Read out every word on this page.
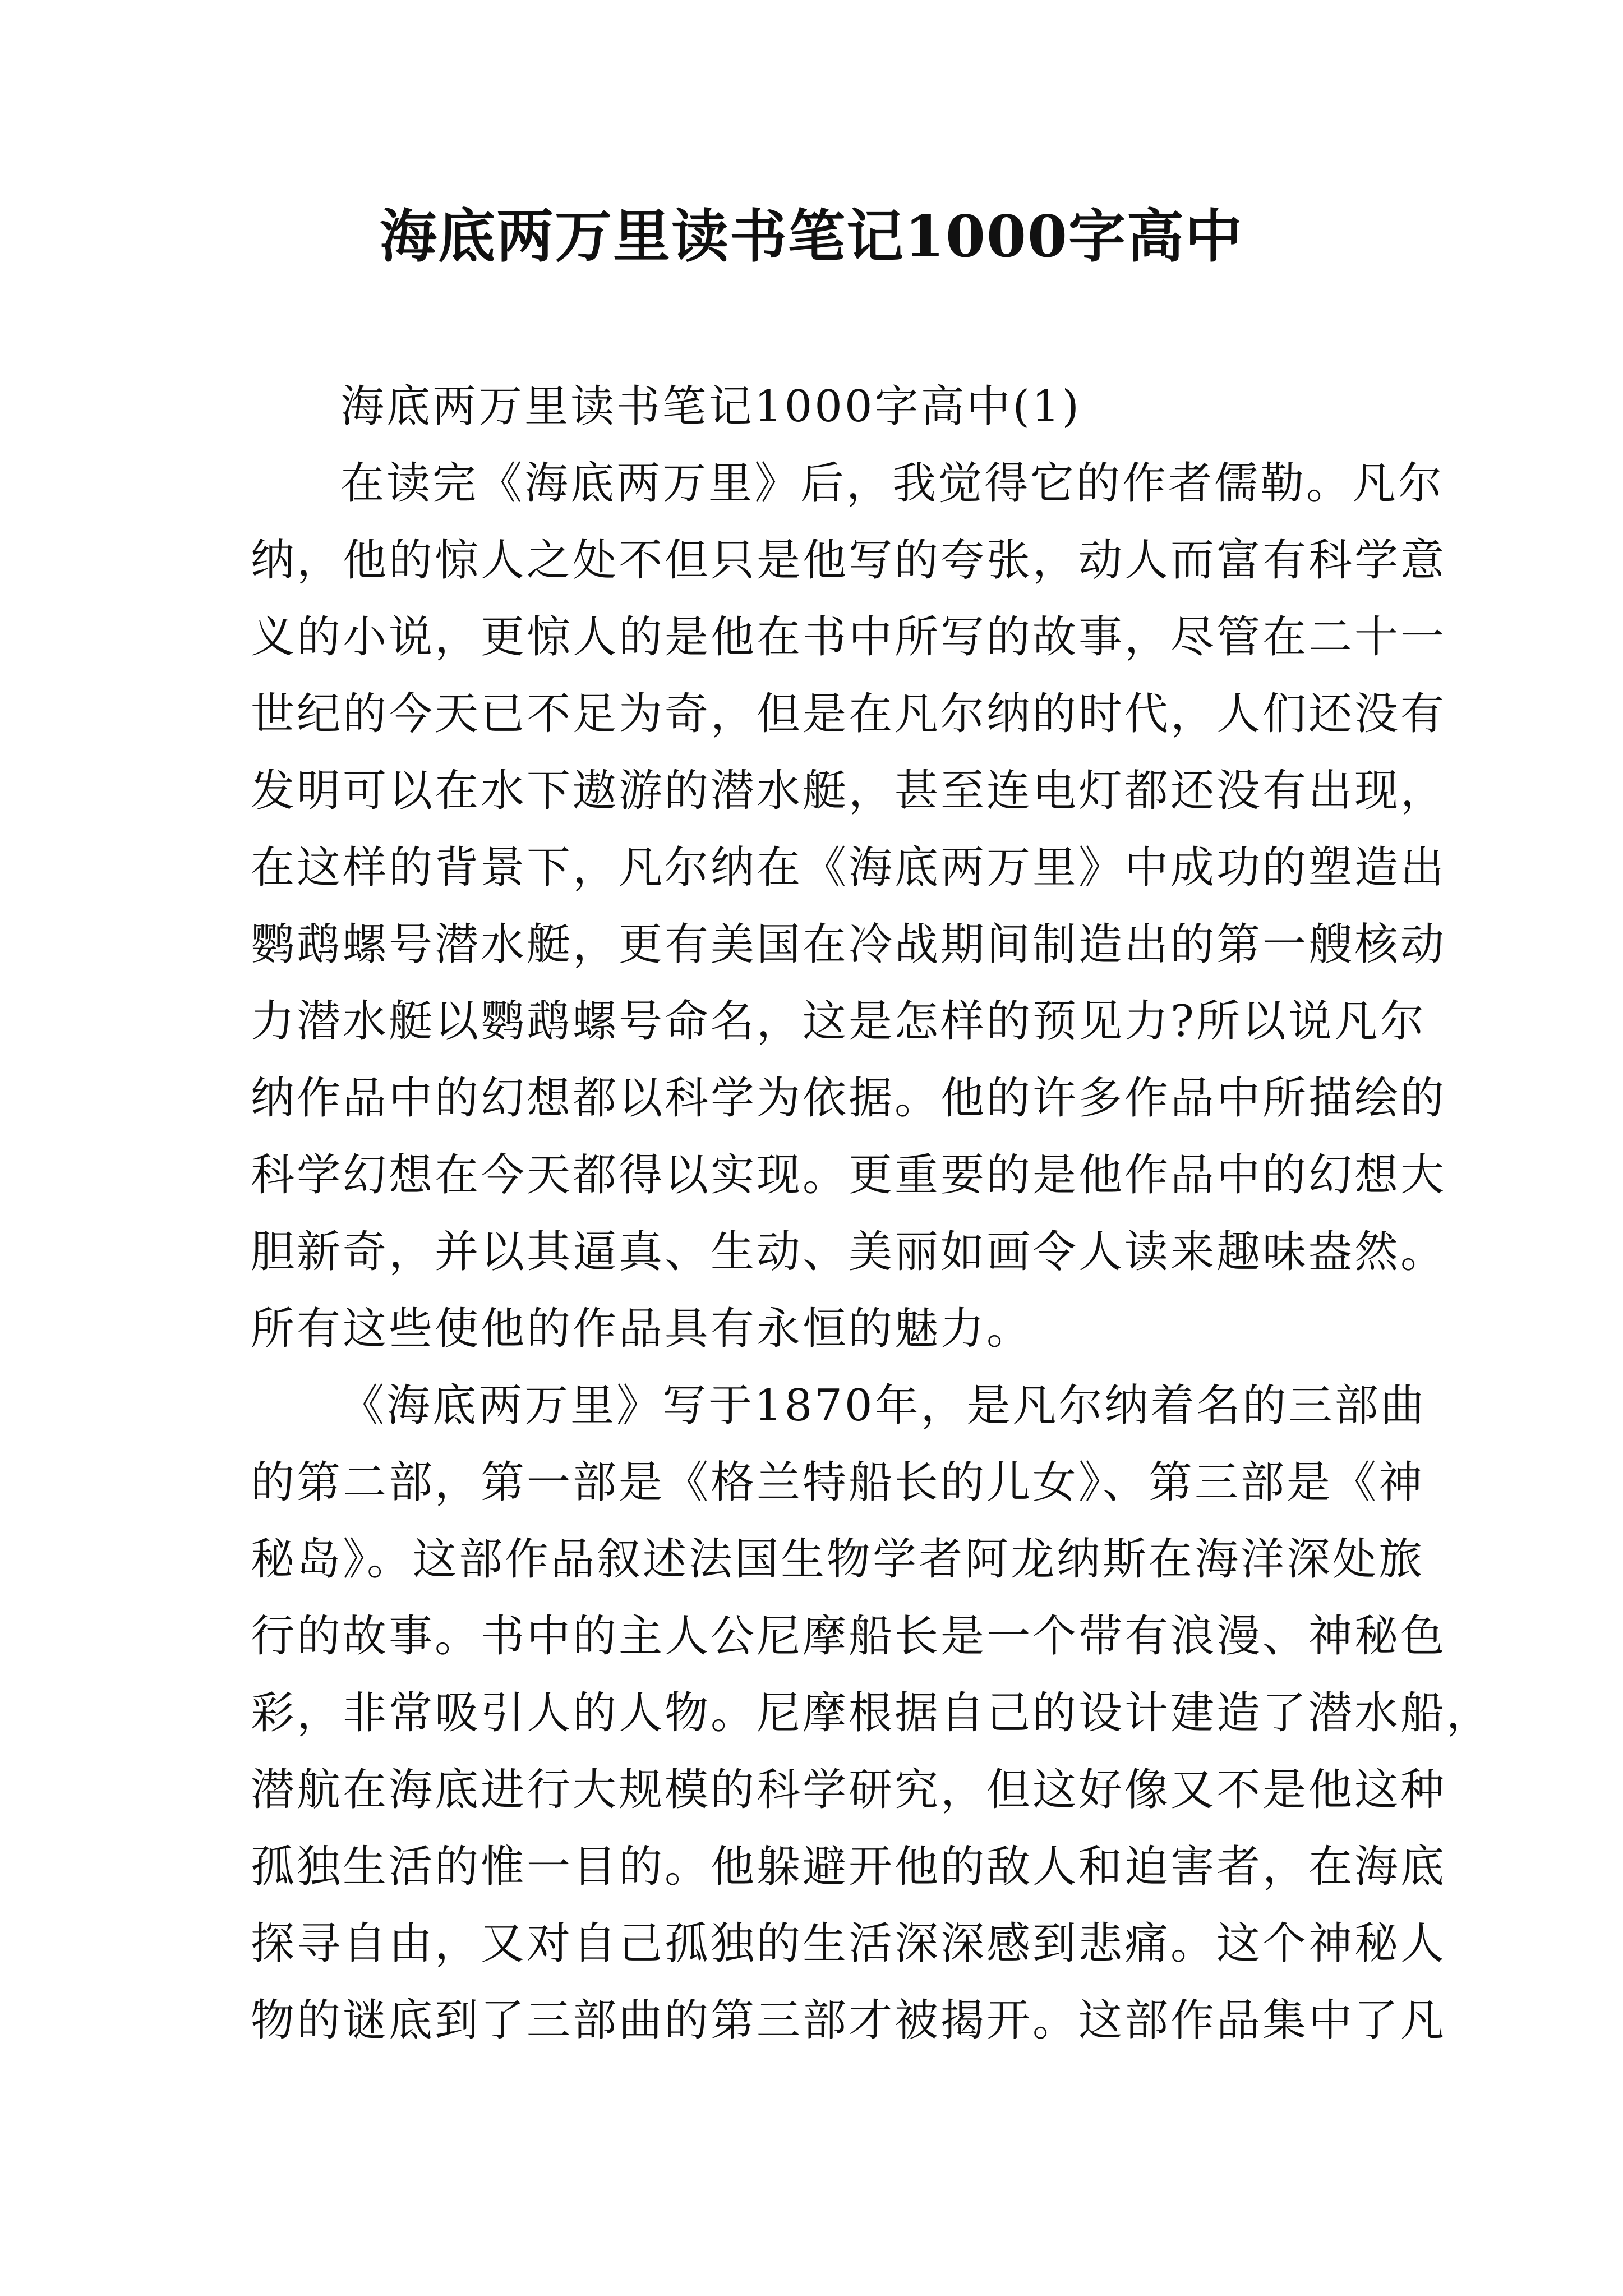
海底两万里读书笔记1000字高中
海底两万里读书笔记1000字高中(1)
在读完《海底两万里》后，我觉得它的作者儒勒。凡尔
纳，他的惊人之处不但只是他写的夸张，动人而富有科学意
义的小说，更惊人的是他在书中所写的故事，尽管在二十一
世纪的今天已不足为奇，但是在凡尔纳的时代，人们还没有
发明可以在水下遨游的潜水艇，甚至连电灯都还没有出现，
在这样的背景下，凡尔纳在《海底两万里》中成功的塑造出
鹦鹉螺号潜水艇，更有美国在冷战期间制造出的第一艘核动
力潜水艇以鹦鹉螺号命名，这是怎样的预见力?所以说凡尔
纳作品中的幻想都以科学为依据。他的许多作品中所描绘的
科学幻想在今天都得以实现。更重要的是他作品中的幻想大
胆新奇，并以其逼真、生动、美丽如画令人读来趣味盎然。
所有这些使他的作品具有永恒的魅力。
《海底两万里》写于1870年，是凡尔纳着名的三部曲
的第二部，第一部是《格兰特船长的儿女》、第三部是《神
秘岛》。这部作品叙述法国生物学者阿龙纳斯在海洋深处旅
行的故事。书中的主人公尼摩船长是一个带有浪漫、神秘色
彩，非常吸引人的人物。尼摩根据自己的设计建造了潜水船，
潜航在海底进行大规模的科学研究，但这好像又不是他这种
孤独生活的惟一目的。他躲避开他的敌人和迫害者，在海底
探寻自由，又对自己孤独的生活深深感到悲痛。这个神秘人
物的谜底到了三部曲的第三部才被揭开。这部作品集中了凡
